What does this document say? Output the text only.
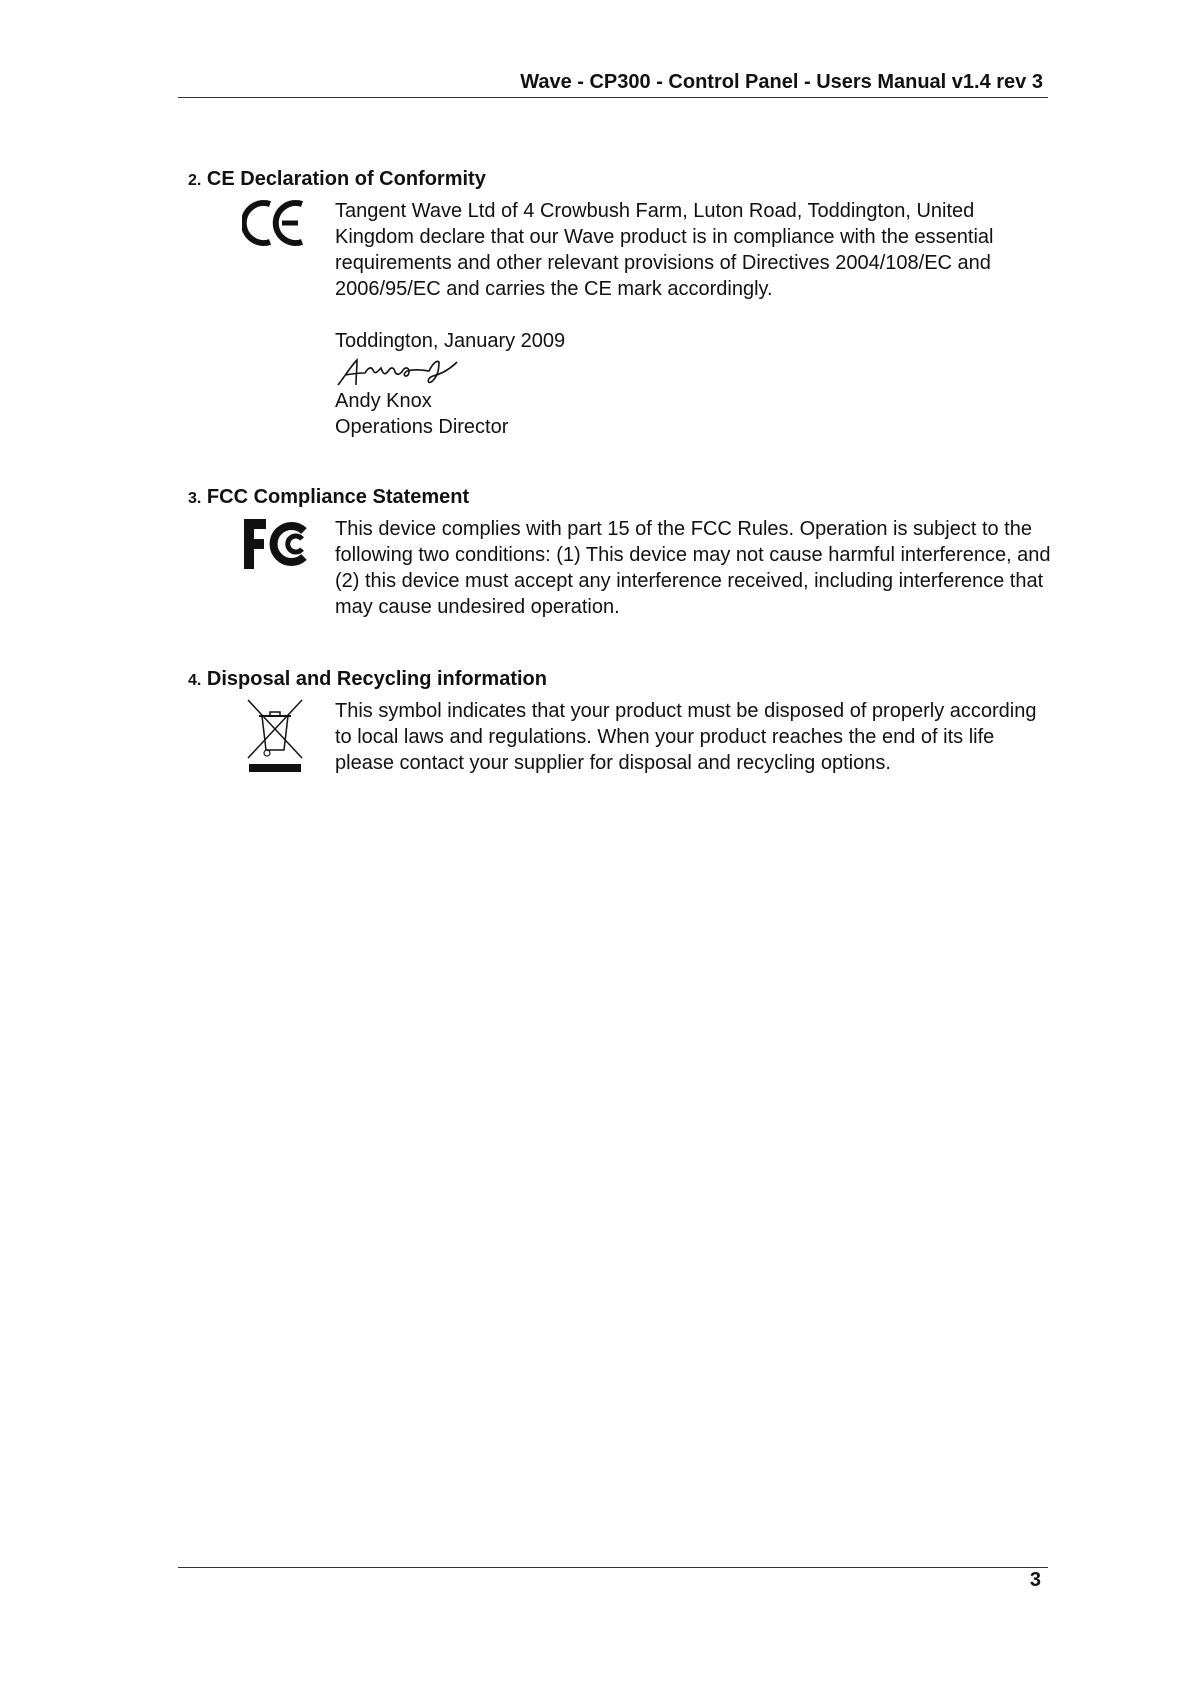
Wave - CP300 - Control Panel - Users Manual v1.4 rev 3
2. CE Declaration of Conformity

Tangent Wave Ltd of 4 Crowbush Farm, Luton Road, Toddington, United Kingdom declare that our Wave product is in compliance with the essential requirements and other relevant provisions of Directives 2004/108/EC and 2006/95/EC and carries the CE mark accordingly.

Toddington, January 2009

Andy Knox

Operations Director

3. FCC Compliance Statement

This device complies with part 15 of the FCC Rules. Operation is subject to the following two conditions: (1) This device may not cause harmful interference, and (2) this device must accept any interference received, including interference that may cause undesired operation.

4. Disposal and Recycling information

This symbol indicates that your product must be disposed of properly according to local laws and regulations. When your product reaches the end of its life please contact your supplier for disposal and recycling options.

3
